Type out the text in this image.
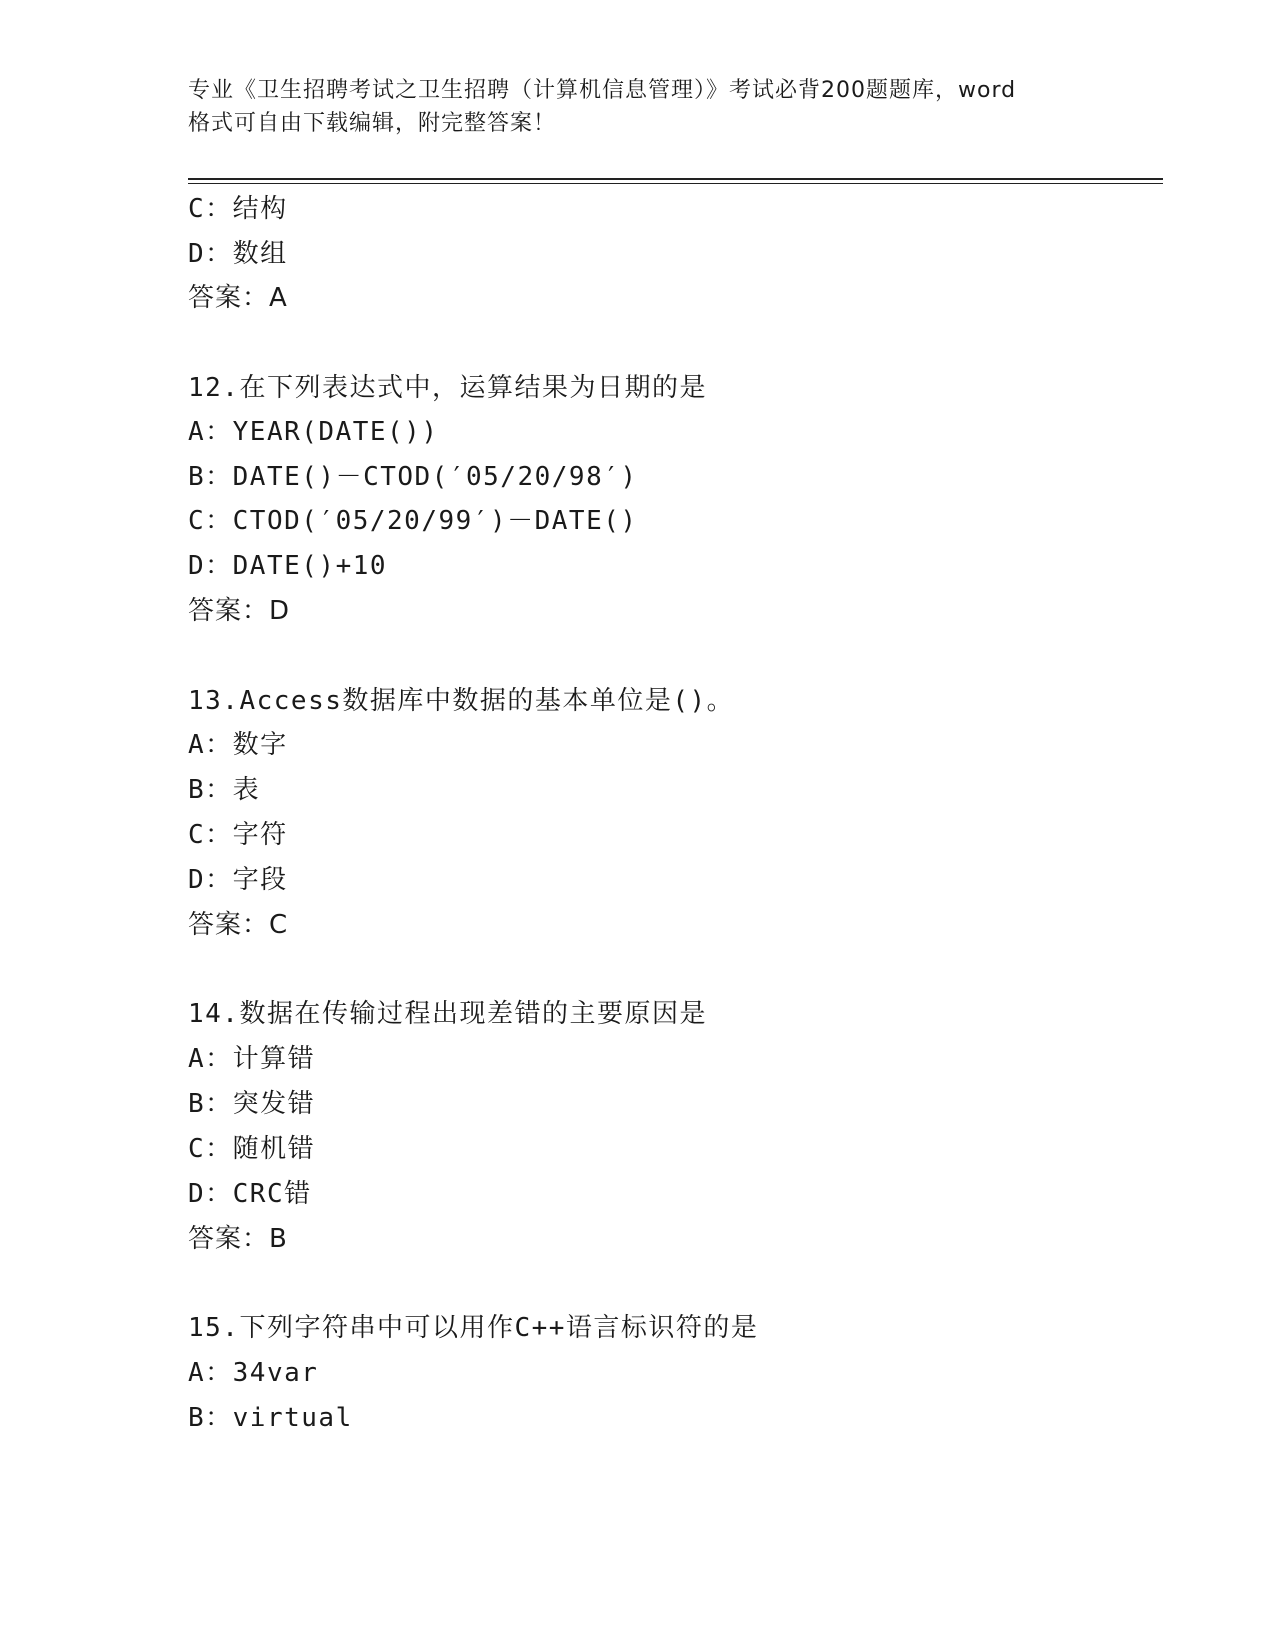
专业《卫生招聘考试之卫生招聘（计算机信息管理）》考试必背200题题库，word
格式可自由下载编辑，附完整答案！
C：结构
D：数组
答案：A
12.在下列表达式中，运算结果为日期的是
A：YEAR(DATE())
B：DATE()－CTOD(′05/20/98′)
C：CTOD(′05/20/99′)－DATE()
D：DATE()+10
答案：D
13.Access数据库中数据的基本单位是()。
A：数字
B：表
C：字符
D：字段
答案：C
14.数据在传输过程出现差错的主要原因是
A：计算错
B：突发错
C：随机错
D：CRC错
答案：B
15.下列字符串中可以用作C++语言标识符的是
A：34var
B：virtual
